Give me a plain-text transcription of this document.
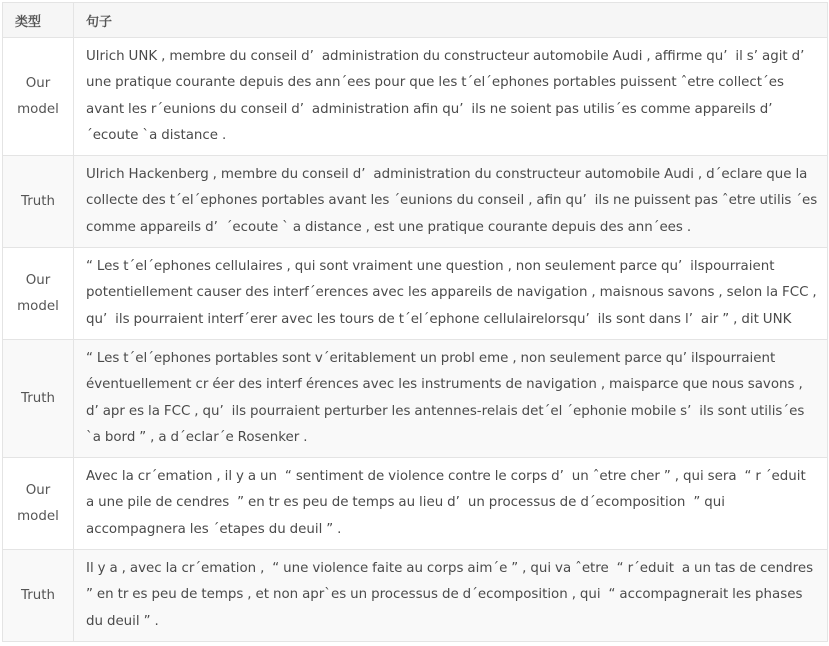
类型	句子
Our model	Ulrich UNK , membre du conseil d’  administration du constructeur automobile Audi , affirme qu’  il s’ agit d’  une pratique courante depuis des ann´ees pour que les t´el´ephones portables puissent ˆetre collect´es avant les r´eunions du conseil d’  administration afin qu’  ils ne soient pas utilis´es comme appareils d’  ´ecoute `a distance .
Truth	Ulrich Hackenberg , membre du conseil d’  administration du constructeur automobile Audi , d´eclare que la collecte des t´el´ephones portables avant les ´eunions du conseil , afin qu’  ils ne puissent pas ˆetre utilis ´es comme appareils d’  ´ecoute ` a distance , est une pratique courante depuis des ann´ees .
Our model	“ Les t´el´ephones cellulaires , qui sont vraiment une question , non seulement parce qu’  ilspourraient potentiellement causer des interf´erences avec les appareils de navigation , maisnous savons , selon la FCC , qu’  ils pourraient interf´erer avec les tours de t´el´ephone cellulairelorsqu’  ils sont dans l’  air ” , dit UNK
Truth	“ Les t´el´ephones portables sont v´eritablement un probl eme , non seulement parce qu’ ilspourraient éventuellement cr éer des interf érences avec les instruments de navigation , maisparce que nous savons , d’ apr es la FCC , qu’  ils pourraient perturber les antennes-relais det´el ´ephonie mobile s’  ils sont utilis´es `a bord ” , a d´eclar´e Rosenker .
Our model	Avec la cr´emation , il y a un  “ sentiment de violence contre le corps d’  un ˆetre cher ” , qui sera  “ r ´eduit  a une pile de cendres  ” en tr es peu de temps au lieu d’  un processus de d´ecomposition  ” qui accompagnera les ´etapes du deuil ” .
Truth	Il y a , avec la cr´emation ,  “ une violence faite au corps aim´e ” , qui va ˆetre  “ r´eduit  a un tas de cendres  ” en tr es peu de temps , et non apr`es un processus de d´ecomposition , qui  “ accompagnerait les phases du deuil ” .
